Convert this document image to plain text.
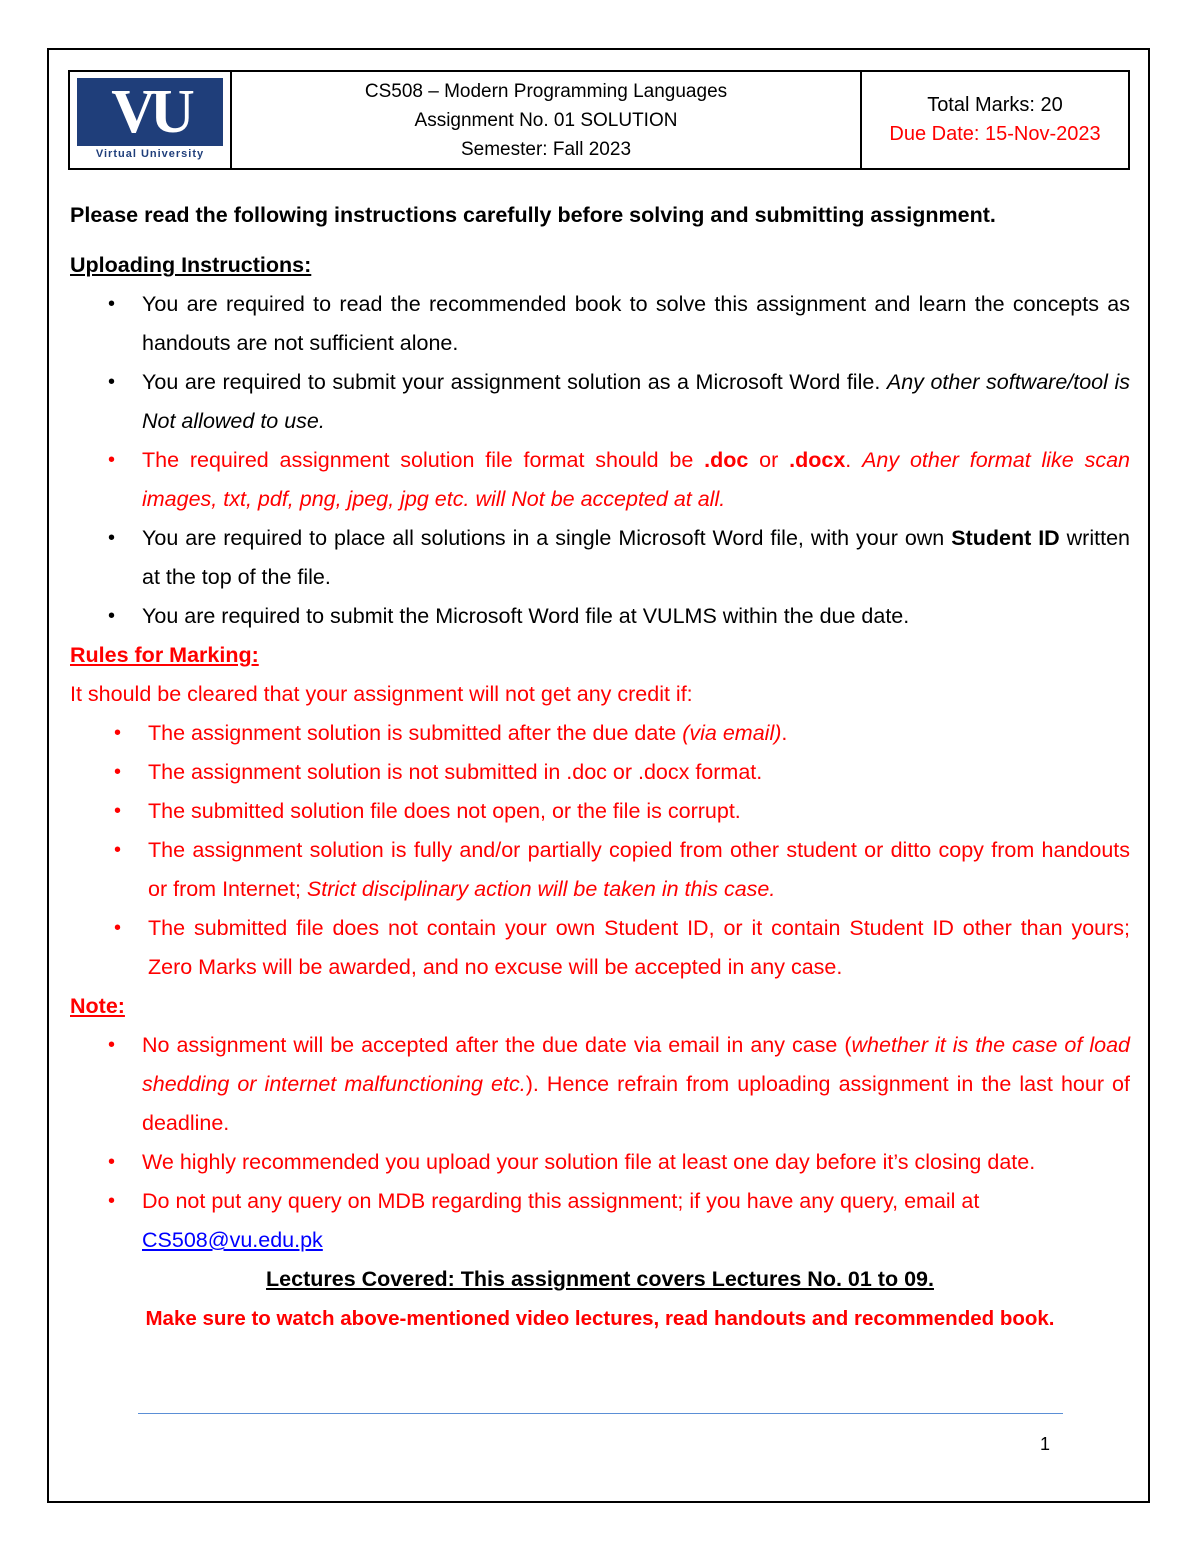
VU
Virtual University
CS508 – Modern Programming Languages
Assignment No. 01 SOLUTION
Semester: Fall 2023
Total Marks: 20
Due Date: 15-Nov-2023

Please read the following instructions carefully before solving and submitting assignment.

Uploading Instructions:

• You are required to read the recommended book to solve this assignment and learn the concepts as handouts are not sufficient alone.
• You are required to submit your assignment solution as a Microsoft Word file. Any other software/tool is Not allowed to use.
• The required assignment solution file format should be .doc or .docx. Any other format like scan images, txt, pdf, png, jpeg, jpg etc. will Not be accepted at all.
• You are required to place all solutions in a single Microsoft Word file, with your own Student ID written at the top of the file.
• You are required to submit the Microsoft Word file at VULMS within the due date.

Rules for Marking:

It should be cleared that your assignment will not get any credit if:

• The assignment solution is submitted after the due date (via email).
• The assignment solution is not submitted in .doc or .docx format.
• The submitted solution file does not open, or the file is corrupt.
• The assignment solution is fully and/or partially copied from other student or ditto copy from handouts or from Internet; Strict disciplinary action will be taken in this case.
• The submitted file does not contain your own Student ID, or it contain Student ID other than yours; Zero Marks will be awarded, and no excuse will be accepted in any case.

Note:

• No assignment will be accepted after the due date via email in any case (whether it is the case of load shedding or internet malfunctioning etc.). Hence refrain from uploading assignment in the last hour of deadline.
• We highly recommended you upload your solution file at least one day before it’s closing date.
• Do not put any query on MDB regarding this assignment; if you have any query, email at
CS508@vu.edu.pk

Lectures Covered: This assignment covers Lectures No. 01 to 09.

Make sure to watch above-mentioned video lectures, read handouts and recommended book.

1
